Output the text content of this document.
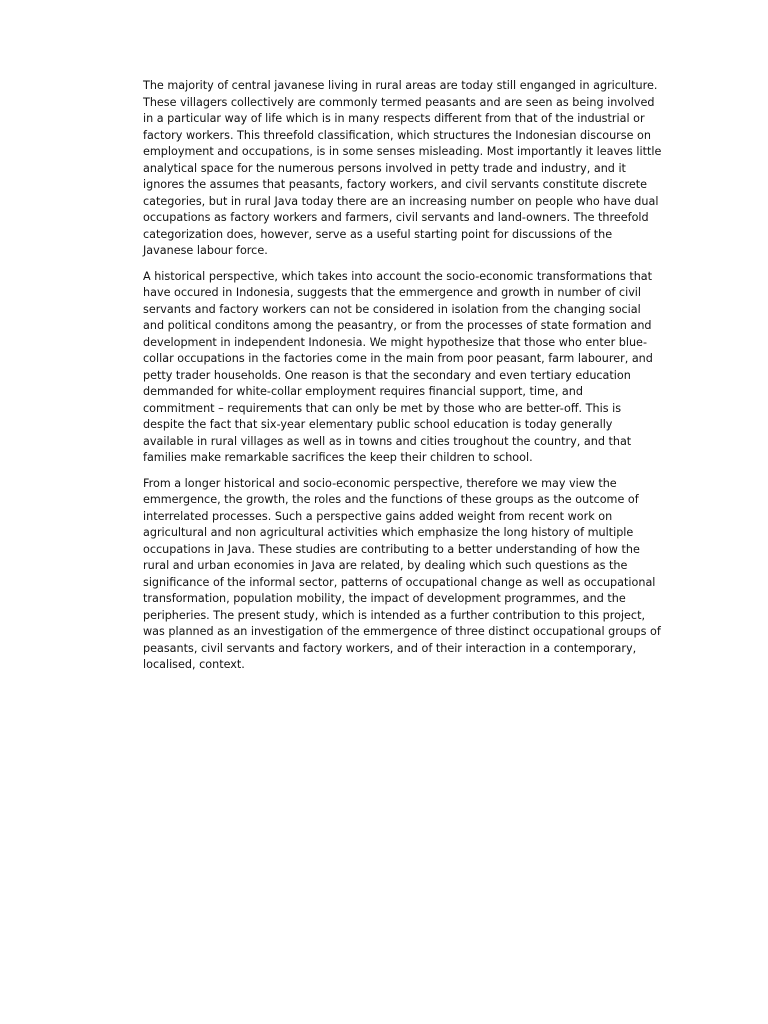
The majority of central javanese living in rural areas are today still enganged in agriculture.
These villagers collectively are commonly termed peasants and are seen as being involved
in a particular way of life which is in many respects different from that of the industrial or
factory workers. This threefold classification, which structures the Indonesian discourse on
employment and occupations, is in some senses misleading. Most importantly it leaves little
analytical space for the numerous persons involved in petty trade and industry, and it
ignores the assumes that peasants, factory workers, and civil servants constitute discrete
categories, but in rural Java today there are an increasing number on people who have dual
occupations as factory workers and farmers, civil servants and land-owners. The threefold
categorization does, however, serve as a useful starting point for discussions of the
Javanese labour force.

A historical perspective, which takes into account the socio-economic transformations that
have occured in Indonesia, suggests that the emmergence and growth in number of civil
servants and factory workers can not be considered in isolation from the changing social
and political conditons among the peasantry, or from the processes of state formation and
development in independent Indonesia. We might hypothesize that those who enter blue-
collar occupations in the factories come in the main from poor peasant, farm labourer, and
petty trader households. One reason is that the secondary and even tertiary education
demmanded for white-collar employment requires financial support, time, and
commitment – requirements that can only be met by those who are better-off. This is
despite the fact that six-year elementary public school education is today generally
available in rural villages as well as in towns and cities troughout the country, and that
families make remarkable sacrifices the keep their children to school.

From a longer historical and socio-economic perspective, therefore we may view the
emmergence, the growth, the roles and the functions of these groups as the outcome of
interrelated processes. Such a perspective gains added weight from recent work on
agricultural and non agricultural activities which emphasize the long history of multiple
occupations in Java. These studies are contributing to a better understanding of how the
rural and urban economies in Java are related, by dealing which such questions as the
significance of the informal sector, patterns of occupational change as well as occupational
transformation, population mobility, the impact of development programmes, and the
peripheries. The present study, which is intended as a further contribution to this project,
was planned as an investigation of the emmergence of three distinct occupational groups of
peasants, civil servants and factory workers, and of their interaction in a contemporary,
localised, context.
